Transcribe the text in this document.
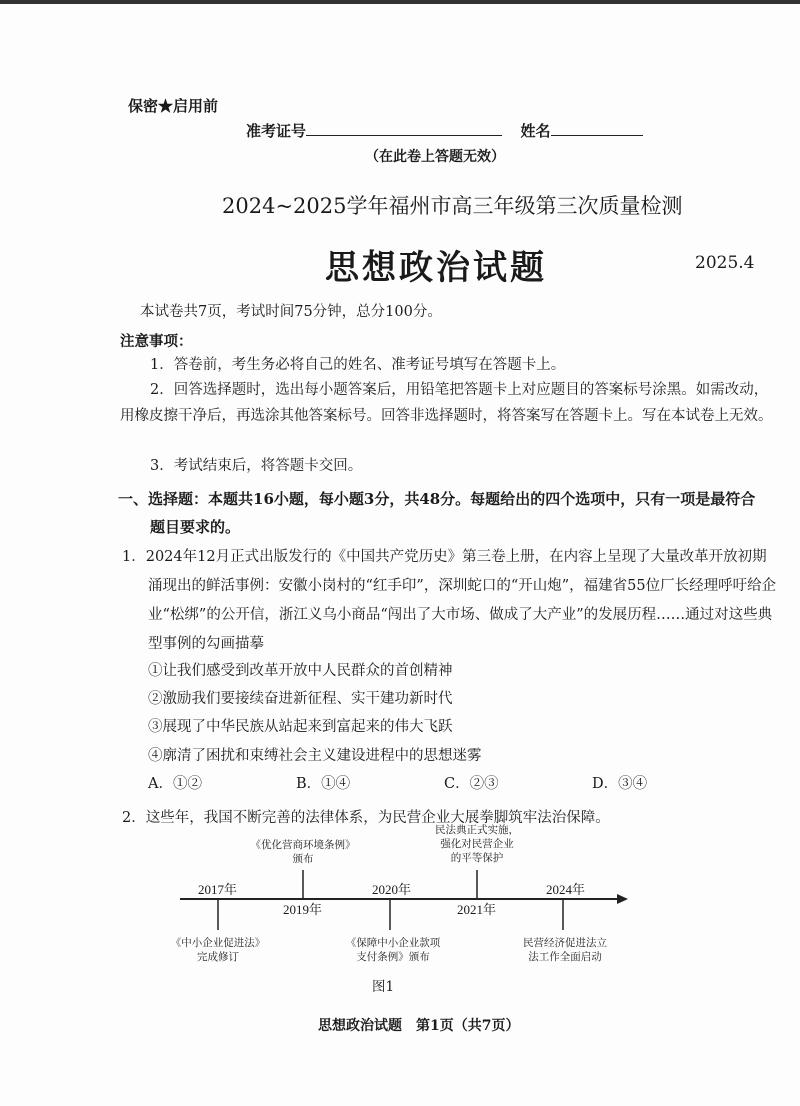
保密★启用前
准考证号	姓名
（在此卷上答题无效）
2024~2025学年福州市高三年级第三次质量检测
思想政治试题	2025.4
本试卷共7页，考试时间75分钟，总分100分。
注意事项：
1．答卷前，考生务必将自己的姓名、准考证号填写在答题卡上。
2．回答选择题时，选出每小题答案后，用铅笔把答题卡上对应题目的答案标号涂黑。如需改动，用橡皮擦干净后，再选涂其他答案标号。回答非选择题时，将答案写在答题卡上。写在本试卷上无效。
3．考试结束后，将答题卡交回。
一、选择题：本题共16小题，每小题3分，共48分。每题给出的四个选项中，只有一项是最符合题目要求的。
1．2024年12月正式出版发行的《中国共产党历史》第三卷上册，在内容上呈现了大量改革开放初期涌现出的鲜活事例：安徽小岗村的“红手印”，深圳蛇口的“开山炮”，福建省55位厂长经理呼吁给企业“松绑”的公开信，浙江义乌小商品“闯出了大市场、做成了大产业”的发展历程……通过对这些典型事例的勾画描摹
①让我们感受到改革开放中人民群众的首创精神
②激励我们要接续奋进新征程、实干建功新时代
③展现了中华民族从站起来到富起来的伟大飞跃
④廓清了困扰和束缚社会主义建设进程中的思想迷雾
A．①②	B．①④	C．②③	D．③④
2．这些年，我国不断完善的法律体系，为民营企业大展拳脚筑牢法治保障。
2017年
2019年
2020年
2021年
2024年
《优化营商环境条例》
颁布
民法典正式实施，
强化对民营企业
的平等保护
《中小企业促进法》
完成修订
《保障中小企业款项
支付条例》颁布
民营经济促进法立
法工作全面启动
图1
思想政治试题　第1页（共7页）
